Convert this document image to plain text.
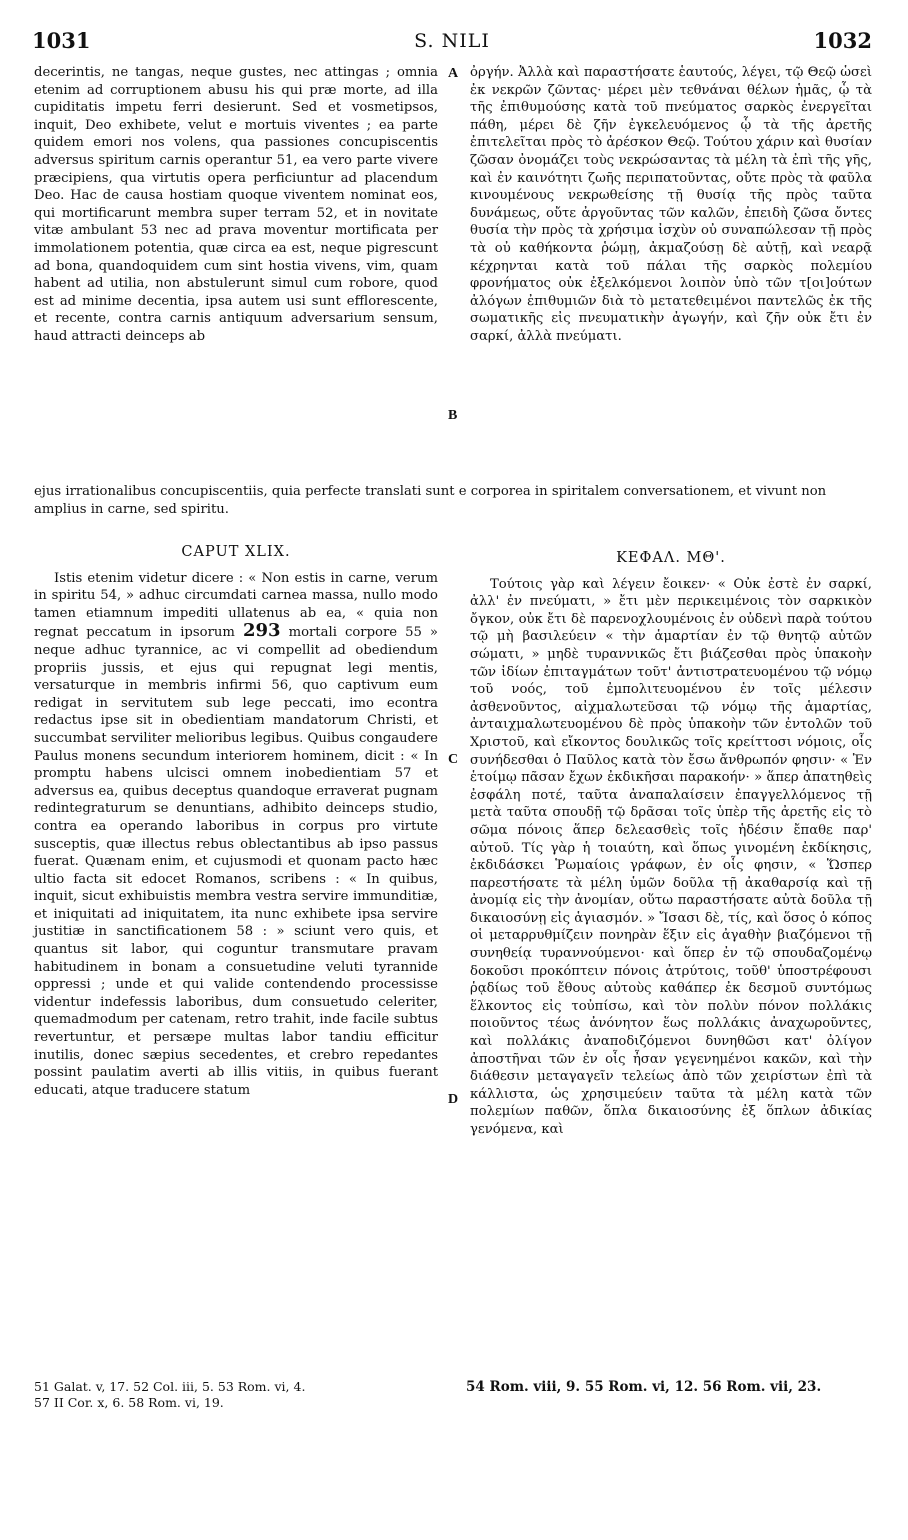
1031	S. NILI	1032
A
B
C
D

decerintis, ne tangas, neque gustes, nec attingas ; omnia etenim ad corruptionem abusu his qui præ morte, ad illa cupiditatis impetu ferri desierunt. Sed et vosmetipsos, inquit, Deo exhibete, velut e mortuis viventes ; ea parte quidem emori nos volens, qua passiones concupiscentis adversus spiritum carnis operantur 51, ea vero parte vivere præcipiens, qua virtutis opera perficiuntur ad placendum Deo. Hac de causa hostiam quoque viventem nominat eos, qui mortificarunt membra super terram 52, et in novitate vitæ ambulant 53 nec ad prava moventur mortificata per immolationem potentia, quæ circa ea est, neque pigrescunt ad bona, quandoquidem cum sint hostia vivens, vim, quam habent ad utilia, non abstulerunt simul cum robore, quod est ad minime decentia, ipsa autem usi sunt efflorescente, et recente, contra carnis antiquum adversarium sensum, haud attracti deinceps ab

ὀργήν. Ἀλλὰ καὶ παραστήσατε ἑαυτούς, λέγει, τῷ Θεῷ ὡσεὶ ἐκ νεκρῶν ζῶντας· μέρει μὲν τεθνάναι θέλων ἡμᾶς, ᾧ τὰ τῆς ἐπιθυμούσης κατὰ τοῦ πνεύματος σαρκὸς ἐνεργεῖται πάθη, μέρει δὲ ζῆν ἐγκελευόμενος ᾧ τὰ τῆς ἀρετῆς ἐπιτελεῖται πρὸς τὸ ἀρέσκον Θεῷ. Τούτου χάριν καὶ θυσίαν ζῶσαν ὀνομάζει τοὺς νεκρώσαντας τὰ μέλη τὰ ἐπὶ τῆς γῆς, καὶ ἐν καινότητι ζωῆς περιπατοῦντας, οὔτε πρὸς τὰ φαῦλα κινουμένους νεκρωθείσης τῇ θυσίᾳ τῆς πρὸς ταῦτα δυνάμεως, οὔτε ἀργοῦντας τῶν καλῶν, ἐπειδὴ ζῶσα ὄντες θυσία τὴν πρὸς τὰ χρήσιμα ἰσχὺν οὐ συναπώλεσαν τῇ πρὸς τὰ οὐ καθήκοντα ῥώμῃ, ἀκμαζούσῃ δὲ αὐτῇ, καὶ νεαρᾷ κέχρηνται κατὰ τοῦ πάλαι τῆς σαρκὸς πολεμίου φρονήματος οὐκ ἐξελκόμενοι λοιπὸν ὑπὸ τῶν τ[οι]ούτων ἀλόγων ἐπιθυμιῶν διὰ τὸ μετατεθειμένοι παντελῶς ἐκ τῆς σωματικῆς εἰς πνευματικὴν ἀγωγήν, καὶ ζῆν οὐκ ἔτι ἐν σαρκί, ἀλλὰ πνεύματι.

ejus irrationalibus concupiscentiis, quia perfecte translati sunt e corporea in spiritalem conversationem, et vivunt non amplius in carne, sed spiritu.
CAPUT XLIX.

Istis etenim videtur dicere : « Non estis in carne, verum in spiritu 54, » adhuc circumdati carnea massa, nullo modo tamen etiamnum impediti ullatenus ab ea, « quia non regnat peccatum in ipsorum 293 mortali corpore 55 » neque adhuc tyrannice, ac vi compellit ad obediendum propriis jussis, et ejus qui repugnat legi mentis, versaturque in membris infirmi 56, quo captivum eum redigat in servitutem sub lege peccati, imo econtra redactus ipse sit in obedientiam mandatorum Christi, et succumbat serviliter melioribus legibus. Quibus congaudere Paulus monens secundum interiorem hominem, dicit : « In promptu habens ulcisci omnem inobedientiam 57 et adversus ea, quibus deceptus quandoque erraverat pugnam redintegraturum se denuntians, adhibito deinceps studio, contra ea operando laboribus in corpus pro virtute susceptis, quæ illectus rebus oblectantibus ab ipso passus fuerat. Quænam enim, et cujusmodi et quonam pacto hæc ultio facta sit edocet Romanos, scribens : « In quibus, inquit, sicut exhibuistis membra vestra servire immunditiæ, et iniquitati ad iniquitatem, ita nunc exhibete ipsa servire justitiæ in sanctificationem 58 : » sciunt vero quis, et quantus sit labor, qui coguntur transmutare pravam habitudinem in bonam a consuetudine veluti tyrannide oppressi ; unde et qui valide contendendo processisse videntur indefessis laboribus, dum consuetudo celeriter, quemadmodum per catenam, retro trahit, inde facile subtus revertuntur, et persæpe multas labor tandiu efficitur inutilis, donec sæpius secedentes, et crebro repedantes possint paulatim averti ab illis vitiis, in quibus fuerant educati, atque traducere statum

ΚΕΦΑΛ. ΜΘ'.

Τούτοις γὰρ καὶ λέγειν ἔοικεν· « Οὐκ ἐστὲ ἐν σαρκί, ἀλλ' ἐν πνεύματι, » ἔτι μὲν περικειμένοις τὸν σαρκικὸν ὄγκον, οὐκ ἔτι δὲ παρενοχλουμένοις ἐν οὐδενὶ παρὰ τούτου τῷ μὴ βασιλεύειν « τὴν ἁμαρτίαν ἐν τῷ θνητῷ αὐτῶν σώματι, » μηδὲ τυραννικῶς ἔτι βιάζεσθαι πρὸς ὑπακοὴν τῶν ἰδίων ἐπιταγμάτων τοῦτ' ἀντιστρατευομένου τῷ νόμῳ τοῦ νοός, τοῦ ἐμπολιτευομένου ἐν τοῖς μέλεσιν ἀσθενοῦντος, αἰχμαλωτεῦσαι τῷ νόμῳ τῆς ἁμαρτίας, ἀνταιχμαλωτευομένου δὲ πρὸς ὑπακοὴν τῶν ἐντολῶν τοῦ Χριστοῦ, καὶ εἴκοντος δουλικῶς τοῖς κρείττοσι νόμοις, οἷς συνήδεσθαι ὁ Παῦλος κατὰ τὸν ἔσω ἄνθρωπόν φησιν· « Ἐν ἑτοίμῳ πᾶσαν ἔχων ἐκδικῆσαι παρακοήν· » ἅπερ ἀπατηθεὶς ἐσφάλη ποτέ, ταῦτα ἀναπαλαίσειν ἐπαγγελλόμενος τῇ μετὰ ταῦτα σπουδῇ τῷ δρᾶσαι τοῖς ὑπὲρ τῆς ἀρετῆς εἰς τὸ σῶμα πόνοις ἅπερ δελεασθεὶς τοῖς ἡδέσιν ἔπαθε παρ' αὐτοῦ. Τίς γὰρ ἡ τοιαύτη, καὶ ὅπως γινομένη ἐκδίκησις, ἐκδιδάσκει Ῥωμαίοις γράφων, ἐν οἷς φησιν, « Ὥσπερ παρεστήσατε τὰ μέλη ὑμῶν δοῦλα τῇ ἀκαθαρσίᾳ καὶ τῇ ἀνομίᾳ εἰς τὴν ἀνομίαν, οὕτω παραστήσατε αὐτὰ δοῦλα τῇ δικαιοσύνῃ εἰς ἁγιασμόν. » Ἴσασι δὲ, τίς, καὶ ὅσος ὁ κόπος οἱ μεταρρυθμίζειν πονηρὰν ἕξιν εἰς ἀγαθὴν βιαζόμενοι τῇ συνηθείᾳ τυραννούμενοι· καὶ ὅπερ ἐν τῷ σπουδαζομένῳ δοκοῦσι προκόπτειν πόνοις ἀτρύτοις, τοῦθ' ὑποστρέφουσι ῥᾳδίως τοῦ ἔθους αὐτοὺς καθάπερ ἐκ δεσμοῦ συντόμως ἕλκοντος εἰς τοὐπίσω, καὶ τὸν πολὺν πόνον πολλάκις ποιοῦντος τέως ἀνόνητον ἕως πολλάκις ἀναχωροῦντες, καὶ πολλάκις ἀναποδιζόμενοι δυνηθῶσι κατ' ὀλίγον ἀποστῆναι τῶν ἐν οἷς ἦσαν γεγενημένοι κακῶν, καὶ τὴν διάθεσιν μεταγαγεῖν τελείως ἀπὸ τῶν χειρίστων ἐπὶ τὰ κάλλιστα, ὡς χρησιμεύειν ταῦτα τὰ μέλη κατὰ τῶν πολεμίων παθῶν, ὅπλα δικαιοσύνης ἐξ ὅπλων ἀδικίας γενόμενα, καὶ

51 Galat. v, 17. 52 Col. iii, 5. 53 Rom. vi, 4.
57 II Cor. x, 6. 58 Rom. vi, 19.
54 Rom. viii, 9. 55 Rom. vi, 12. 56 Rom. vii, 23.
